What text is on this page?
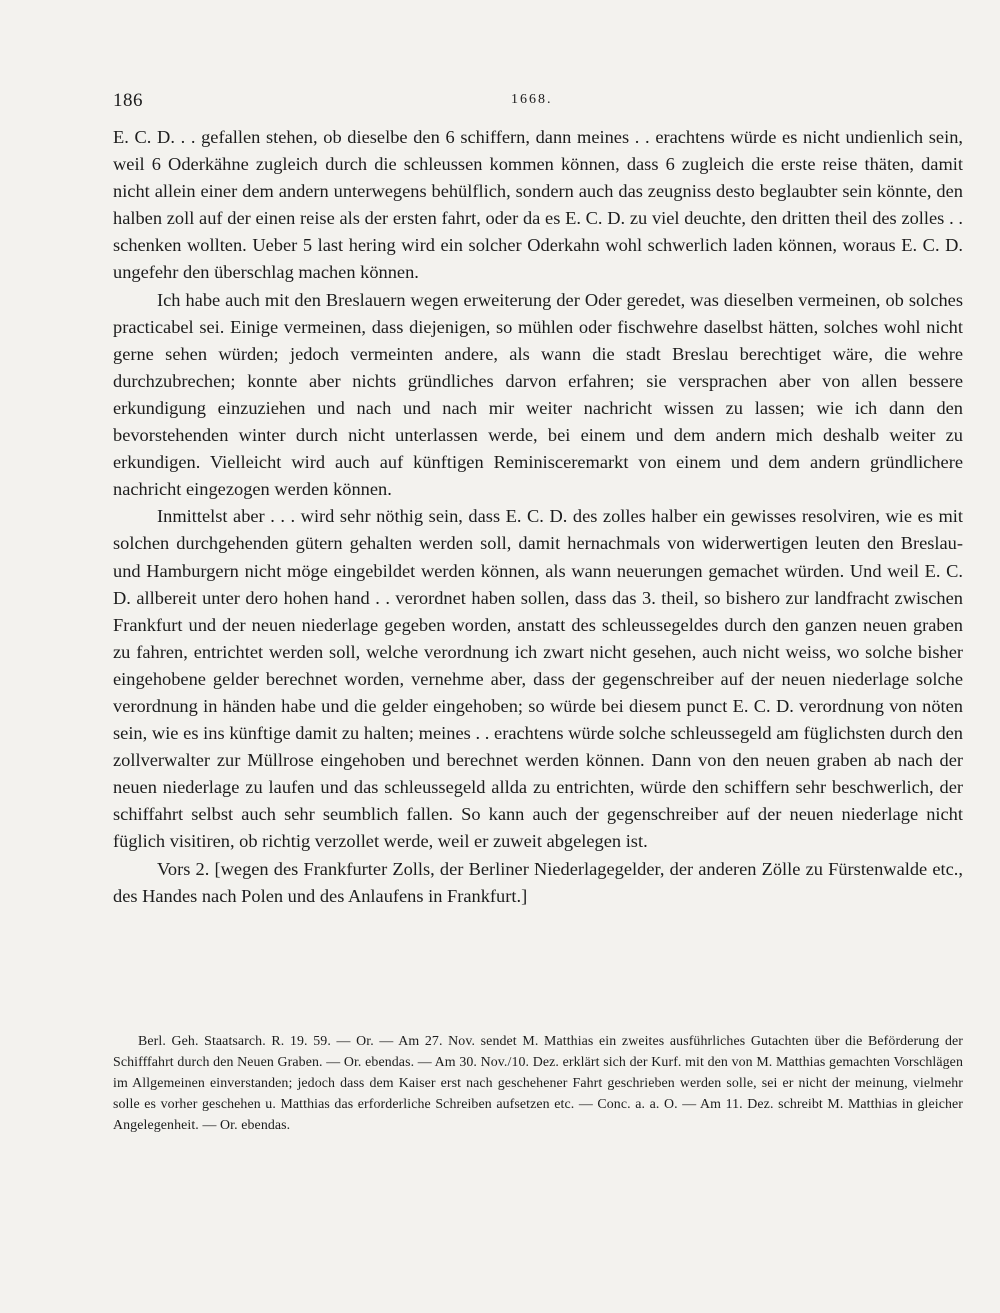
186	1668.

E. C. D. . . gefallen stehen, ob dieselbe den 6 schiffern, dann meines . . erachtens würde es nicht undienlich sein, weil 6 Oderkähne zugleich durch die schleussen kommen können, dass 6 zugleich die erste reise thäten, damit nicht allein einer dem andern unterwegens behülflich, sondern auch das zeugniss desto beglaubter sein könnte, den halben zoll auf der einen reise als der ersten fahrt, oder da es E. C. D. zu viel deuchte, den dritten theil des zolles . . schenken wollten. Ueber 5 last hering wird ein solcher Oderkahn wohl schwerlich laden können, woraus E. C. D. ungefehr den überschlag machen können.

Ich habe auch mit den Breslauern wegen erweiterung der Oder geredet, was dieselben vermeinen, ob solches practicabel sei. Einige vermeinen, dass diejenigen, so mühlen oder fischwehre daselbst hätten, solches wohl nicht gerne sehen würden; jedoch vermeinten andere, als wann die stadt Breslau berechtiget wäre, die wehre durchzubrechen; konnte aber nichts gründliches darvon erfahren; sie versprachen aber von allen bessere erkundigung einzuziehen und nach und nach mir weiter nachricht wissen zu lassen; wie ich dann den bevorstehenden winter durch nicht unterlassen werde, bei einem und dem andern mich deshalb weiter zu erkundigen. Vielleicht wird auch auf künftigen Reminisceremarkt von einem und dem andern gründlichere nachricht eingezogen werden können.

Inmittelst aber . . . wird sehr nöthig sein, dass E. C. D. des zolles halber ein gewisses resolviren, wie es mit solchen durchgehenden gütern gehalten werden soll, damit hernachmals von widerwertigen leuten den Breslau- und Hamburgern nicht möge eingebildet werden können, als wann neuerungen gemachet würden. Und weil E. C. D. allbereit unter dero hohen hand . . verordnet haben sollen, dass das 3. theil, so bishero zur landfracht zwischen Frankfurt und der neuen niederlage gegeben worden, anstatt des schleussegeldes durch den ganzen neuen graben zu fahren, entrichtet werden soll, welche verordnung ich zwart nicht gesehen, auch nicht weiss, wo solche bisher eingehobene gelder berechnet worden, vernehme aber, dass der gegenschreiber auf der neuen niederlage solche verordnung in händen habe und die gelder eingehoben; so würde bei diesem punct E. C. D. verordnung von nöten sein, wie es ins künftige damit zu halten; meines . . erachtens würde solche schleussegeld am füglichsten durch den zollverwalter zur Müllrose eingehoben und berechnet werden können. Dann von den neuen graben ab nach der neuen niederlage zu laufen und das schleussegeld allda zu entrichten, würde den schiffern sehr beschwerlich, der schiffahrt selbst auch sehr seumblich fallen. So kann auch der gegenschreiber auf der neuen niederlage nicht füglich visitiren, ob richtig verzollet werde, weil er zuweit abgelegen ist.

Vors 2. [wegen des Frankfurter Zolls, der Berliner Niederlagegelder, der anderen Zölle zu Fürstenwalde etc., des Handes nach Polen und des Anlaufens in Frankfurt.]

Berl. Geh. Staatsarch. R. 19. 59. — Or. — Am 27. Nov. sendet M. Matthias ein zweites ausführliches Gutachten über die Beförderung der Schifffahrt durch den Neuen Graben. — Or. ebendas. — Am 30. Nov./10. Dez. erklärt sich der Kurf. mit den von M. Matthias gemachten Vorschlägen im Allgemeinen einverstanden; jedoch dass dem Kaiser erst nach geschehener Fahrt geschrieben werden solle, sei er nicht der meinung, vielmehr solle es vorher geschehen u. Matthias das erforderliche Schreiben aufsetzen etc. — Conc. a. a. O. — Am 11. Dez. schreibt M. Matthias in gleicher Angelegenheit. — Or. ebendas.
